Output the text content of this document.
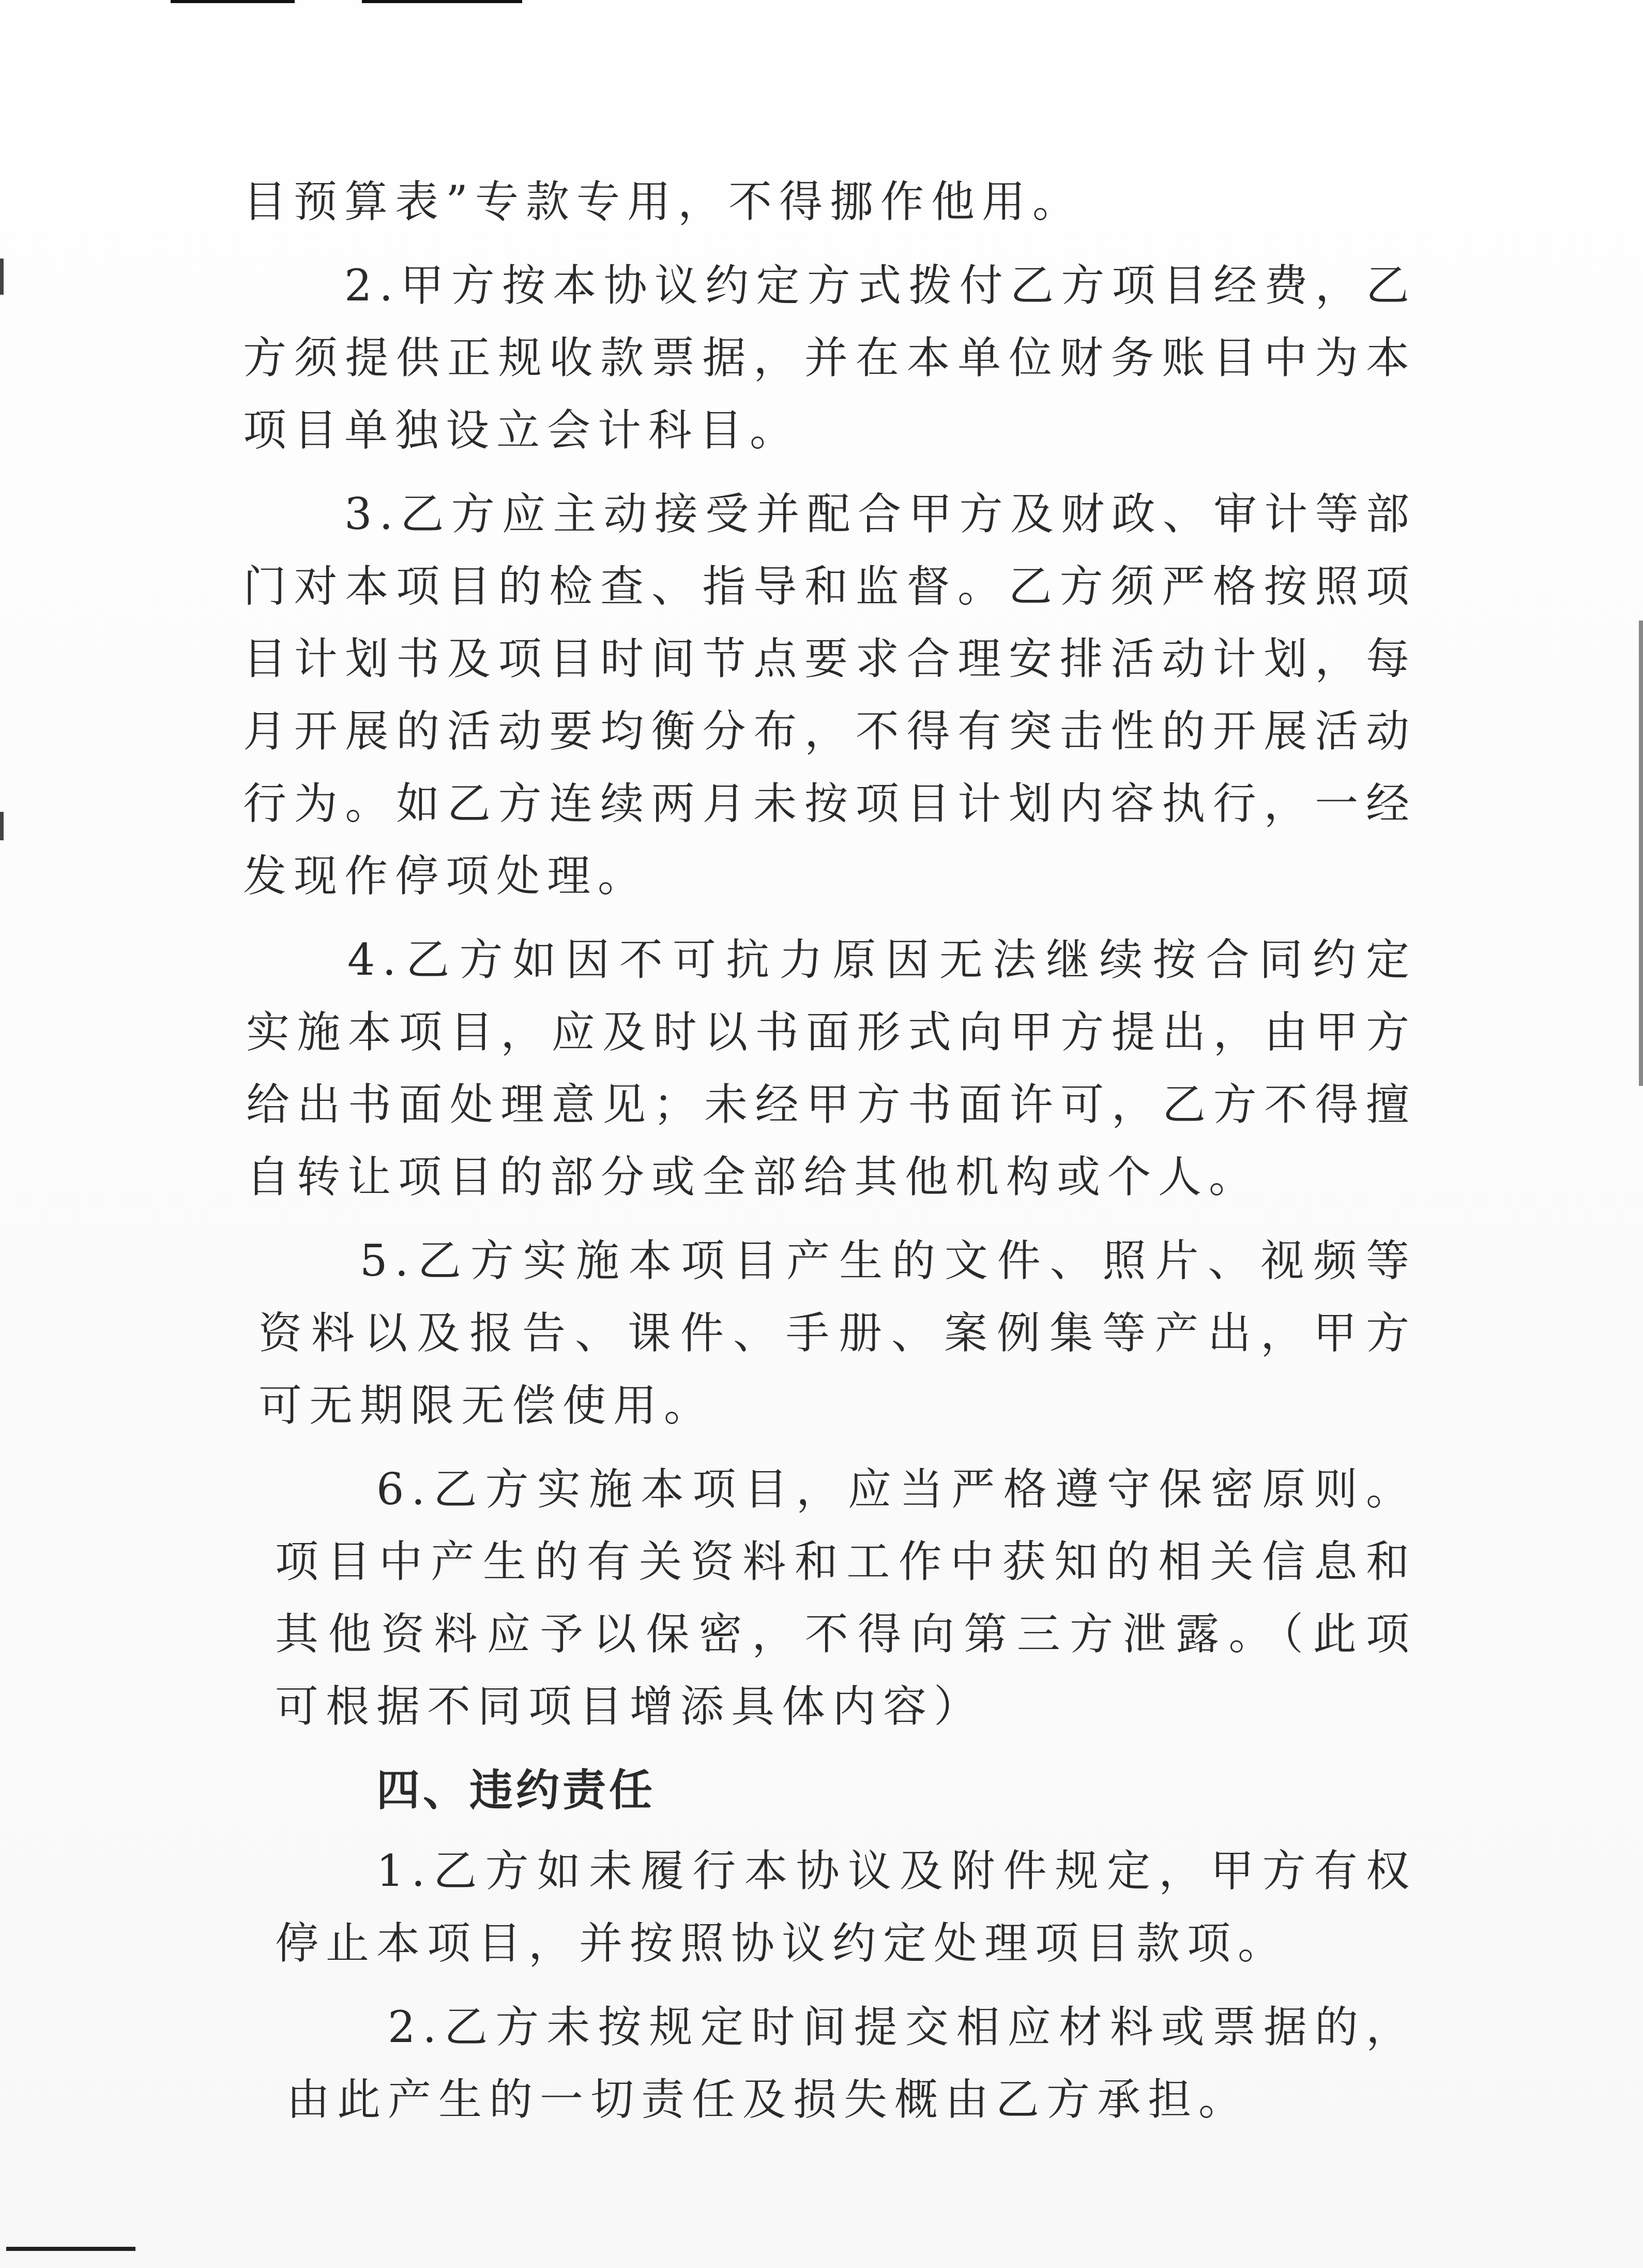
目预算表”专款专用，不得挪作他用。

2.甲方按本协议约定方式拨付乙方项目经费，乙方须提供正规收款票据，并在本单位财务账目中为本项目单独设立会计科目。

3.乙方应主动接受并配合甲方及财政、审计等部门对本项目的检查、指导和监督。乙方须严格按照项目计划书及项目时间节点要求合理安排活动计划，每月开展的活动要均衡分布，不得有突击性的开展活动行为。如乙方连续两月未按项目计划内容执行，一经发现作停项处理。

4.乙方如因不可抗力原因无法继续按合同约定实施本项目，应及时以书面形式向甲方提出，由甲方给出书面处理意见；未经甲方书面许可，乙方不得擅自转让项目的部分或全部给其他机构或个人。

5.乙方实施本项目产生的文件、照片、视频等资料以及报告、课件、手册、案例集等产出，甲方可无期限无偿使用。

6.乙方实施本项目，应当严格遵守保密原则。项目中产生的有关资料和工作中获知的相关信息和其他资料应予以保密，不得向第三方泄露。（此项可根据不同项目增添具体内容）

四、违约责任

1.乙方如未履行本协议及附件规定，甲方有权停止本项目，并按照协议约定处理项目款项。

2.乙方未按规定时间提交相应材料或票据的，由此产生的一切责任及损失概由乙方承担。
